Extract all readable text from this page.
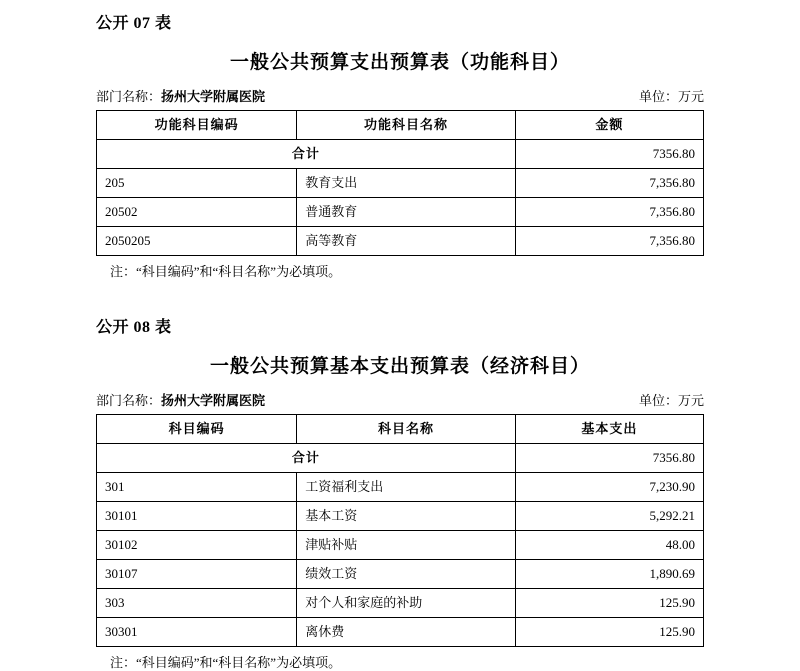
公开 07 表
一般公共预算支出预算表（功能科目）
部门名称：扬州大学附属医院	单位：万元
功能科目编码	功能科目名称	金额
合计		7356.80
205	教育支出	7,356.80
20502	普通教育	7,356.80
2050205	高等教育	7,356.80
注：“科目编码”和“科目名称”为必填项。
公开 08 表
一般公共预算基本支出预算表（经济科目）
部门名称：扬州大学附属医院	单位：万元
科目编码	科目名称	基本支出
合计		7356.80
301	工资福利支出	7,230.90
30101	基本工资	5,292.21
30102	津贴补贴	48.00
30107	绩效工资	1,890.69
303	对个人和家庭的补助	125.90
30301	离休费	125.90
注：“科目编码”和“科目名称”为必填项。
